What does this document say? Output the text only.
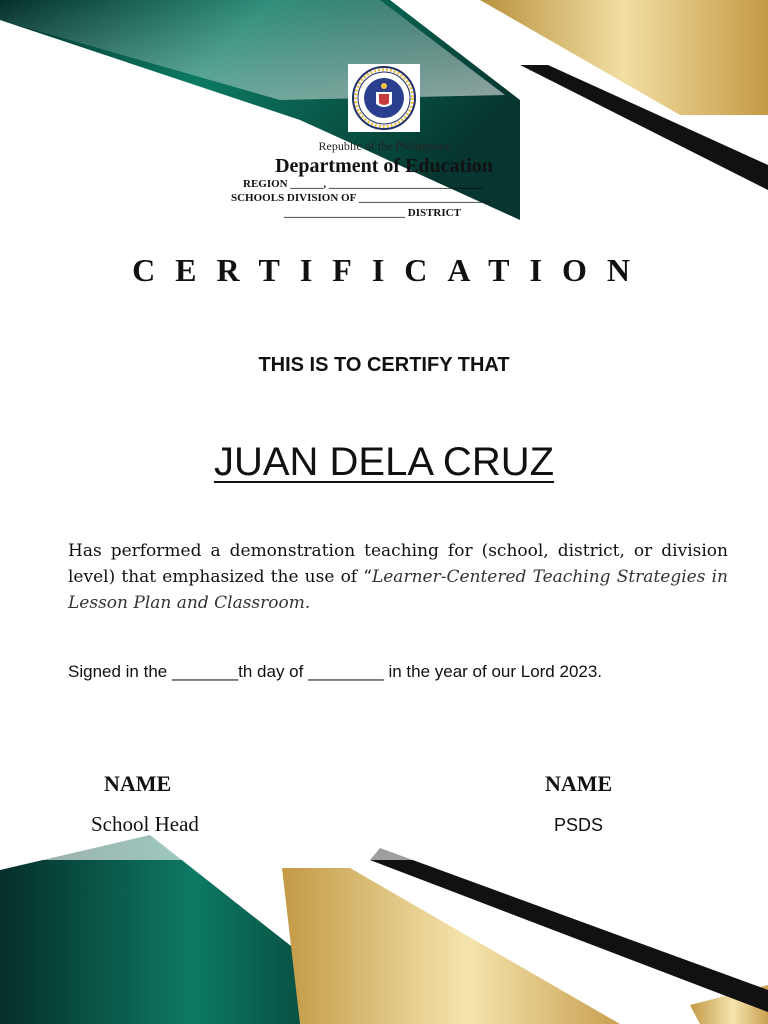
Republic of the Philippines
Department of Education
REGION ______, ____________________________
SCHOOLS DIVISION OF ________________________
______________________ DISTRICT
CERTIFICATION
THIS IS TO CERTIFY THAT
JUAN DELA CRUZ
Has performed a demonstration teaching for (school, district, or division level) that emphasized the use of “Learner-Centered Teaching Strategies in Lesson Plan and Classroom.
Signed in the _______th day of ________ in the year of our Lord 2023.
NAME
School Head
NAME
PSDS
